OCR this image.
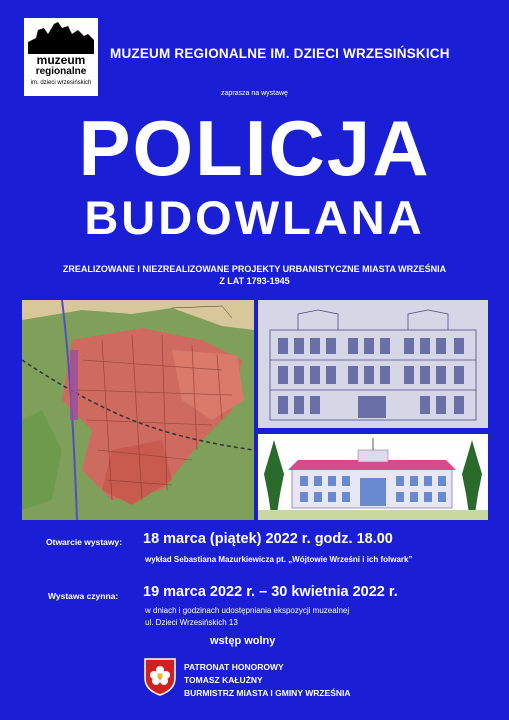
muzeum
regionalne
im. dzieci wrzesińskich
MUZEUM REGIONALNE IM. DZIECI WRZESIŃSKICH
zaprasza na wystawę
POLICJA
BUDOWLANA
ZREALIZOWANE I NIEZREALIZOWANE PROJEKTY URBANISTYCZNE MIASTA WRZEŚNIA
Z LAT 1793-1945
Otwarcie wystawy: 18 marca (piątek) 2022 r. godz. 18.00
wykład Sebastiana Mazurkiewicza pt. „Wójtowie Wrześni i ich folwark”
Wystawa czynna: 19 marca 2022 r. – 30 kwietnia 2022 r.
w dniach i godzinach udostępniania ekspozycji muzealnej
ul. Dzieci Wrzesińskich 13
wstęp wolny
PATRONAT HONOROWY
TOMASZ KAŁUŻNY
BURMISTRZ MIASTA I GMINY WRZEŚNIA
